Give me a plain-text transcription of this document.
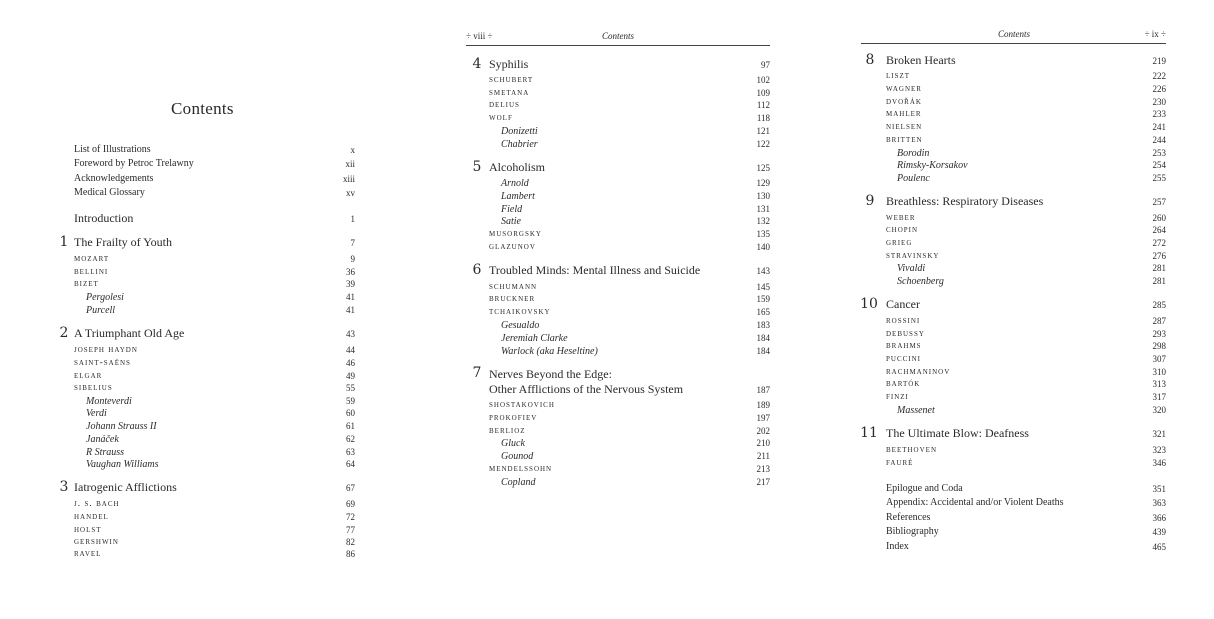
Contents
List of Illustrations	x
Foreword by Petroc Trelawny	xii
Acknowledgements	xiii
Medical Glossary	xv
Introduction	1
1 The Frailty of Youth	7
mozart	9
bellini	36
bizet	39
Pergolesi	41
Purcell	41
2 A Triumphant Old Age	43
joseph haydn	44
saint-saëns	46
elgar	49
sibelius	55
Monteverdi	59
Verdi	60
Johann Strauss II	61
Janáček	62
R Strauss	63
Vaughan Williams	64
3 Iatrogenic Afflictions	67
j. s. bach	69
handel	72
holst	77
gershwin	82
ravel	86
÷ viii ÷	Contents
4 Syphilis	97
schubert	102
smetana	109
delius	112
wolf	118
Donizetti	121
Chabrier	122
5 Alcoholism	125
Arnold	129
Lambert	130
Field	131
Satie	132
musorgsky	135
glazunov	140
6 Troubled Minds: Mental Illness and Suicide	143
schumann	145
bruckner	159
tchaikovsky	165
Gesualdo	183
Jeremiah Clarke	184
Warlock (aka Heseltine)	184
7 Nerves Beyond the Edge:
Other Afflictions of the Nervous System	187
shostakovich	189
prokofiev	197
berlioz	202
Gluck	210
Gounod	211
mendelssohn	213
Copland	217
Contents	÷ ix ÷
8 Broken Hearts	219
liszt	222
wagner	226
dvořák	230
mahler	233
nielsen	241
britten	244
Borodin	253
Rimsky-Korsakov	254
Poulenc	255
9 Breathless: Respiratory Diseases	257
weber	260
chopin	264
grieg	272
stravinsky	276
Vivaldi	281
Schoenberg	281
10 Cancer	285
rossini	287
debussy	293
brahms	298
puccini	307
rachmaninov	310
bartók	313
finzi	317
Massenet	320
11 The Ultimate Blow: Deafness	321
beethoven	323
fauré	346
Epilogue and Coda	351
Appendix: Accidental and/or Violent Deaths	363
References	366
Bibliography	439
Index	465
